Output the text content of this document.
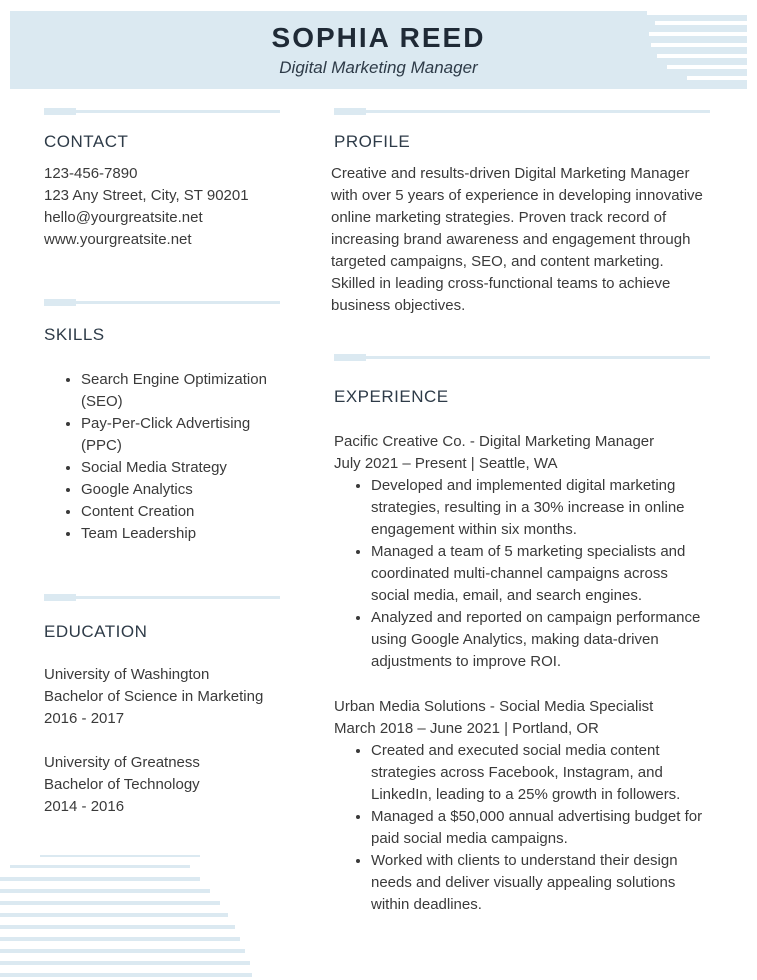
SOPHIA REED
Digital Marketing Manager
CONTACT
123-456-7890
123 Any Street, City, ST 90201
hello@yourgreatsite.net
www.yourgreatsite.net
SKILLS
• Search Engine Optimization (SEO)
• Pay-Per-Click Advertising (PPC)
• Social Media Strategy
• Google Analytics
• Content Creation
• Team Leadership
EDUCATION
University of Washington
Bachelor of Science in Marketing
2016 - 2017
University of Greatness
Bachelor of Technology
2014 - 2016
PROFILE
Creative and results-driven Digital Marketing Manager with over 5 years of experience in developing innovative online marketing strategies. Proven track record of increasing brand awareness and engagement through targeted campaigns, SEO, and content marketing. Skilled in leading cross-functional teams to achieve business objectives.
EXPERIENCE
Pacific Creative Co. - Digital Marketing Manager
July 2021 – Present | Seattle, WA
• Developed and implemented digital marketing strategies, resulting in a 30% increase in online engagement within six months.
• Managed a team of 5 marketing specialists and coordinated multi-channel campaigns across social media, email, and search engines.
• Analyzed and reported on campaign performance using Google Analytics, making data-driven adjustments to improve ROI.
Urban Media Solutions - Social Media Specialist
March 2018 – June 2021 | Portland, OR
• Created and executed social media content strategies across Facebook, Instagram, and LinkedIn, leading to a 25% growth in followers.
• Managed a $50,000 annual advertising budget for paid social media campaigns.
• Worked with clients to understand their design needs and deliver visually appealing solutions within deadlines.
